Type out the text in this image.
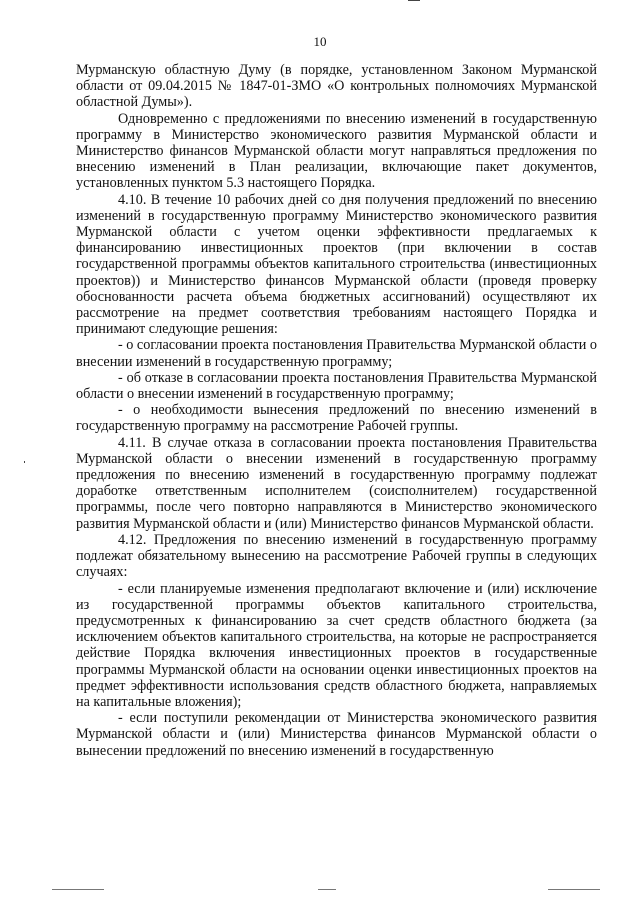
10

Мурманскую областную Думу (в порядке, установленном Законом Мурманской области от 09.04.2015 № 1847-01-ЗМО «О контрольных полномочиях Мурманской областной Думы»).

Одновременно с предложениями по внесению изменений в государственную программу в Министерство экономического развития Мурманской области и Министерство финансов Мурманской области могут направляться предложения по внесению изменений в План реализации, включающие пакет документов, установленных пунктом 5.3 настоящего Порядка.

4.10. В течение 10 рабочих дней со дня получения предложений по внесению изменений в государственную программу Министерство экономического развития Мурманской области с учетом оценки эффективности предлагаемых к финансированию инвестиционных проектов (при включении в состав государственной программы объектов капитального строительства (инвестиционных проектов)) и Министерство финансов Мурманской области (проведя проверку обоснованности расчета объема бюджетных ассигнований) осуществляют их рассмотрение на предмет соответствия требованиям настоящего Порядка и принимают следующие решения:

- о согласовании проекта постановления Правительства Мурманской области о внесении изменений в государственную программу;

- об отказе в согласовании проекта постановления Правительства Мурманской области о внесении изменений в государственную программу;

- о необходимости вынесения предложений по внесению изменений в государственную программу на рассмотрение Рабочей группы.

4.11. В случае отказа в согласовании проекта постановления Правительства Мурманской области о внесении изменений в государственную программу предложения по внесению изменений в государственную программу подлежат доработке ответственным исполнителем (соисполнителем) государственной программы, после чего повторно направляются в Министерство экономического развития Мурманской области и (или) Министерство финансов Мурманской области.

4.12. Предложения по внесению изменений в государственную программу подлежат обязательному вынесению на рассмотрение Рабочей группы в следующих случаях:

- если планируемые изменения предполагают включение и (или) исключение из государственной программы объектов капитального строительства, предусмотренных к финансированию за счет средств областного бюджета (за исключением объектов капитального строительства, на которые не распространяется действие Порядка включения инвестиционных проектов в государственные программы Мурманской области на основании оценки инвестиционных проектов на предмет эффективности использования средств областного бюджета, направляемых на капитальные вложения);

- если поступили рекомендации от Министерства экономического развития Мурманской области и (или) Министерства финансов Мурманской области о вынесении предложений по внесению изменений в государственную
